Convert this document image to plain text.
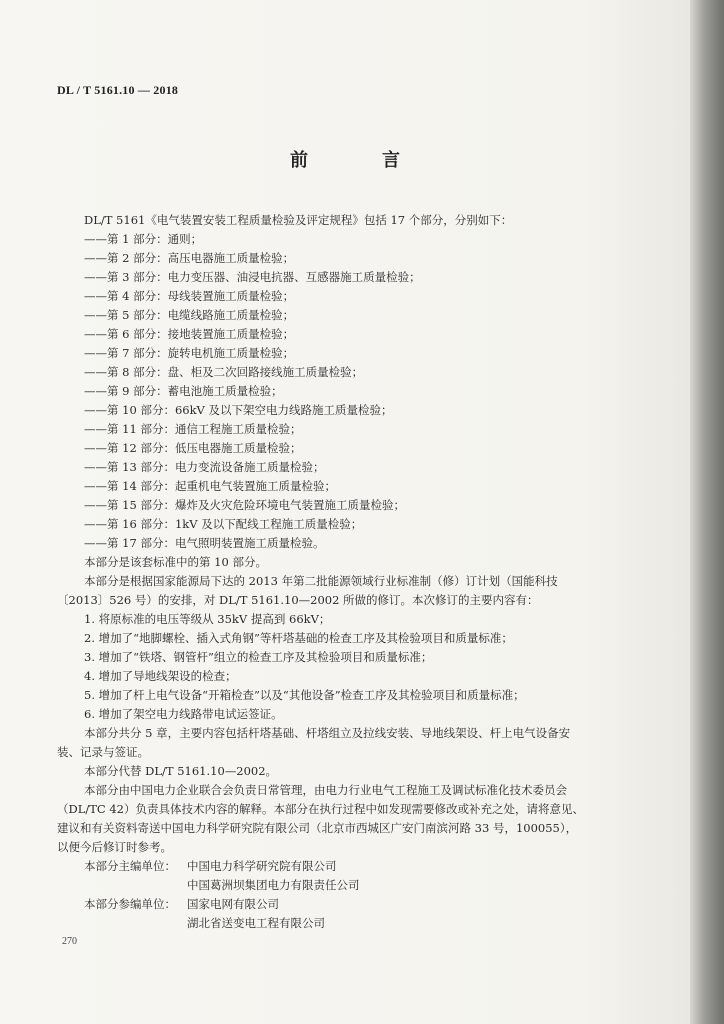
DL / T 5161.10 — 2018
前　言
DL/T 5161《电气装置安装工程质量检验及评定规程》包括 17 个部分，分别如下：
——第 1 部分：通则；
——第 2 部分：高压电器施工质量检验；
——第 3 部分：电力变压器、油浸电抗器、互感器施工质量检验；
——第 4 部分：母线装置施工质量检验；
——第 5 部分：电缆线路施工质量检验；
——第 6 部分：接地装置施工质量检验；
——第 7 部分：旋转电机施工质量检验；
——第 8 部分：盘、柜及二次回路接线施工质量检验；
——第 9 部分：蓄电池施工质量检验；
——第 10 部分：66kV 及以下架空电力线路施工质量检验；
——第 11 部分：通信工程施工质量检验；
——第 12 部分：低压电器施工质量检验；
——第 13 部分：电力变流设备施工质量检验；
——第 14 部分：起重机电气装置施工质量检验；
——第 15 部分：爆炸及火灾危险环境电气装置施工质量检验；
——第 16 部分：1kV 及以下配线工程施工质量检验；
——第 17 部分：电气照明装置施工质量检验。
本部分是该套标准中的第 10 部分。
本部分是根据国家能源局下达的 2013 年第二批能源领域行业标准制（修）订计划（国能科技
〔2013〕526 号）的安排，对 DL/T 5161.10—2002 所做的修订。本次修订的主要内容有：
1. 将原标准的电压等级从 35kV 提高到 66kV；
2. 增加了“地脚螺栓、插入式角钢”等杆塔基础的检查工序及其检验项目和质量标准；
3. 增加了“铁塔、钢管杆”组立的检查工序及其检验项目和质量标准；
4. 增加了导地线架设的检查；
5. 增加了杆上电气设备“开箱检查”以及“其他设备”检查工序及其检验项目和质量标准；
6. 增加了架空电力线路带电试运签证。
本部分共分 5 章，主要内容包括杆塔基础、杆塔组立及拉线安装、导地线架设、杆上电气设备安
装、记录与签证。
本部分代替 DL/T 5161.10—2002。
本部分由中国电力企业联合会负责日常管理，由电力行业电气工程施工及调试标准化技术委员会
（DL/TC 42）负责具体技术内容的解释。本部分在执行过程中如发现需要修改或补充之处，请将意见、
建议和有关资料寄送中国电力科学研究院有限公司（北京市西城区广安门南滨河路 33 号，100055），
以便今后修订时参考。
本部分主编单位： 中国电力科学研究院有限公司
中国葛洲坝集团电力有限责任公司
本部分参编单位： 国家电网有限公司
湖北省送变电工程有限公司
270
